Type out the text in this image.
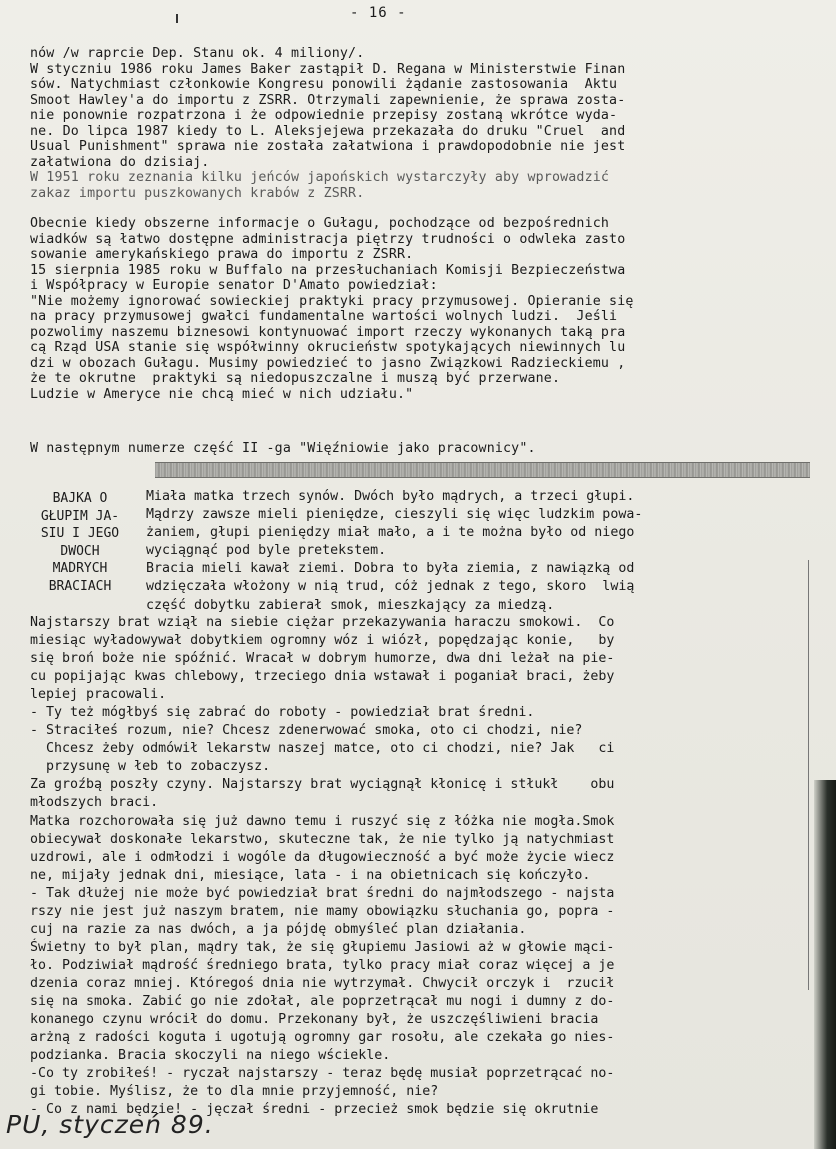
- 16 -
nów /w raprcie Dep. Stanu ok. 4 miliony/.
W styczniu 1986 roku James Baker zastąpił D. Regana w Ministerstwie Finan
sów. Natychmiast członkowie Kongresu ponowili żądanie zastosowania  Aktu
Smoot Hawley'a do importu z ZSRR. Otrzymali zapewnienie, że sprawa zosta-
nie ponownie rozpatrzona i że odpowiednie przepisy zostaną wkrótce wyda-
ne. Do lipca 1987 kiedy to L. Aleksjejewa przekazała do druku "Cruel  and
Usual Punishment" sprawa nie została załatwiona i prawdopodobnie nie jest
załatwiona do dzisiaj.
W 1951 roku zeznania kilku jeńców japońskich wystarczyły aby wprowadzić
zakaz importu puszkowanych krabów z ZSRR.
Obecnie kiedy obszerne informacje o Gułagu, pochodzące od bezpośrednich
wiadków są łatwo dostępne administracja piętrzy trudności o odwleka zasto
sowanie amerykańskiego prawa do importu z ZSRR.
15 sierpnia 1985 roku w Buffalo na przesłuchaniach Komisji Bezpieczeństwa
i Współpracy w Europie senator D'Amato powiedział:
"Nie możemy ignorować sowieckiej praktyki pracy przymusowej. Opieranie się
na pracy przymusowej gwałci fundamentalne wartości wolnych ludzi.  Jeśli
pozwolimy naszemu biznesowi kontynuować import rzeczy wykonanych taką pra
cą Rząd USA stanie się współwinny okrucieństw spotykających niewinnych lu
dzi w obozach Gułagu. Musimy powiedzieć to jasno Związkowi Radzieckiemu ,
że te okrutne  praktyki są niedopuszczalne i muszą być przerwane.
Ludzie w Ameryce nie chcą mieć w nich udziału."
W następnym numerze część II -ga "Więźniowie jako pracownicy".
BAJKA O
GŁUPIM JA-
SIU I JEGO
DWOCH
MADRYCH
BRACIACH
Miała matka trzech synów. Dwóch było mądrych, a trzeci głupi.
Mądrzy zawsze mieli pieniędze, cieszyli się więc ludzkim powa-
żaniem, głupi pieniędzy miał mało, a i te można było od niego
wyciągnąć pod byle pretekstem.
Bracia mieli kawał ziemi. Dobra to była ziemia, z nawiązką od
wdzięczała włożony w nią trud, cóż jednak z tego, skoro  lwią
część dobytku zabierał smok, mieszkający za miedzą.
Najstarszy brat wziął na siebie ciężar przekazywania haraczu smokowi.  Co
miesiąc wyładowywał dobytkiem ogromny wóz i wiózł, popędzając konie,   by
się broń boże nie spóźnić. Wracał w dobrym humorze, dwa dni leżał na pie-
cu popijając kwas chlebowy, trzeciego dnia wstawał i poganiał braci, żeby
lepiej pracowali.
- Ty też mógłbyś się zabrać do roboty - powiedział brat średni.
- Straciłeś rozum, nie? Chcesz zdenerwować smoka, oto ci chodzi, nie?
Chcesz żeby odmówił lekarstw naszej matce, oto ci chodzi, nie? Jak   ci
przysunę w łeb to zobaczysz.
Za groźbą poszły czyny. Najstarszy brat wyciągnął kłonicę i stłukł    obu
młodszych braci.
Matka rozchorowała się już dawno temu i ruszyć się z łóżka nie mogła.Smok
obiecywał doskonałe lekarstwo, skuteczne tak, że nie tylko ją natychmiast
uzdrowi, ale i odmłodzi i wogóle da długowieczność a być może życie wiecz
ne, mijały jednak dni, miesiące, lata - i na obietnicach się kończyło.
- Tak dłużej nie może być powiedział brat średni do najmłodszego - najsta
rszy nie jest już naszym bratem, nie mamy obowiązku słuchania go, popra -
cuj na razie za nas dwóch, a ja pójdę obmyśleć plan działania.
Świetny to był plan, mądry tak, że się głupiemu Jasiowi aż w głowie mąci-
ło. Podziwiał mądrość średniego brata, tylko pracy miał coraz więcej a je
dzenia coraz mniej. Któregoś dnia nie wytrzymał. Chwycił orczyk i  rzucił
się na smoka. Zabić go nie zdołał, ale poprzetrącał mu nogi i dumny z do-
konanego czynu wrócił do domu. Przekonany był, że uszczęśliwieni bracia
arżną z radości koguta i ugotują ogromny gar rosołu, ale czekała go nies-
podzianka. Bracia skoczyli na niego wściekle.
-Co ty zrobiłeś! - ryczał najstarszy - teraz będę musiał poprzetrącać no-
gi tobie. Myślisz, że to dla mnie przyjemność, nie?
- Co z nami będzie! - jęczał średni - przecież smok będzie się okrutnie
PU, styczeń 89.
